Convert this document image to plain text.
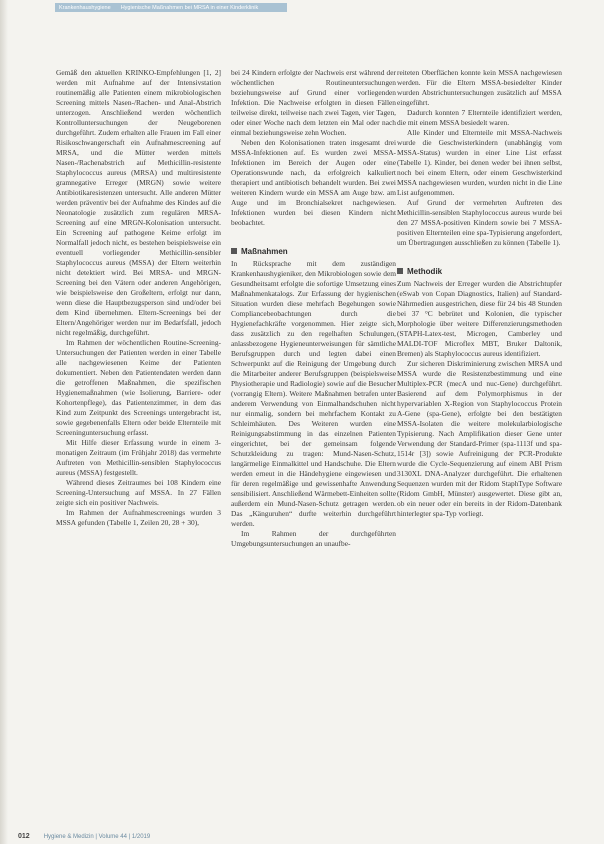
Krankenhaushygiene	Hygienische Maßnahmen bei MRSA in einer Kinderklinik

Gemäß den aktuellen KRINKO-Empfehlungen [1, 2] werden mit Aufnahme auf der Intensivstation routinemäßig alle Patienten einem mikrobiologischen Screening mittels Nasen-/Rachen- und Anal-Abstrich unterzogen. Anschließend werden wöchentlich Kontrolluntersuchungen der Neugeborenen durchgeführt. Zudem erhalten alle Frauen im Fall einer Risikoschwangerschaft ein Aufnahmescreening auf MRSA, und die Mütter werden mittels Nasen-/Rachenabstrich auf Methicillin-resistente Staphylococcus aureus (MRSA) und multiresistente gramnegative Erreger (MRGN) sowie weitere Antibiotikaresistenzen untersucht. Alle anderen Mütter werden präventiv bei der Aufnahme des Kindes auf die Neonatologie zusätzlich zum regulären MRSA-Screening auf eine MRGN-Kolonisation untersucht. Ein Screening auf pathogene Keime erfolgt im Normalfall jedoch nicht, es bestehen beispielsweise ein eventuell vorliegender Methicillin-sensibler Staphylococcus aureus (MSSA) der Eltern weiterhin nicht detektiert wird. Bei MRSA- und MRGN-Screening bei den Vätern oder anderen Angehörigen, wie beispielsweise den Großeltern, erfolgt nur dann, wenn diese die Hauptbezugsperson sind und/oder bei dem Kind übernehmen. Eltern-Screenings bei der Eltern/Angehöriger werden nur im Bedarfsfall, jedoch nicht regelmäßig, durchgeführt.

Im Rahmen der wöchentlichen Routine-Screening-Untersuchungen der Patienten werden in einer Tabelle alle nachgewiesenen Keime der Patienten dokumentiert. Neben den Patientendaten werden dann die getroffenen Maßnahmen, die spezifischen Hygienemaßnahmen (wie Isolierung, Barriere- oder Kohortenpflege), das Patientenzimmer, in dem das Kind zum Zeitpunkt des Screenings untergebracht ist, sowie gegebenenfalls Eltern oder beide Elternteile mit Screeninguntersuchung erfasst.

Mit Hilfe dieser Erfassung wurde in einem 3-monatigen Zeitraum (im Frühjahr 2018) das vermehrte Auftreten von Methicillin-sensiblen Staphylococcus aureus (MSSA) festgestellt.

Während dieses Zeitraumes bei 108 Kindern eine Screening-Untersuchung auf MSSA. In 27 Fällen zeigte sich ein positiver Nachweis.

Im Rahmen der Aufnahmescreenings wurden 3 MSSA gefunden (Tabelle 1, Zeilen 20, 28 + 30),

bei 24 Kindern erfolgte der Nachweis erst während der wöchentlichen Routineuntersuchungen beziehungsweise auf Grund einer vorliegenden Infektion. Die Nachweise erfolgten in diesen Fällen teilweise direkt, teilweise nach zwei Tagen, vier Tagen, oder einer Woche nach dem letzten ein Mal oder nach einmal beziehungsweise zehn Wochen.

Neben den Kolonisationen traten insgesamt drei MSSA-Infektionen auf. Es wurden zwei MSSA-Infektionen im Bereich der Augen oder eine Operationswunde nach, da erfolgreich kalkuliert therapiert und antibiotisch behandelt wurden. Bei zwei weiteren Kindern wurde ein MSSA am Auge bzw. am Auge und im Bronchialsekret nachgewiesen. Infektionen wurden bei diesen Kindern nicht beobachtet.

Maßnahmen

In Rücksprache mit dem zuständigen Krankenhaushygieniker, den Mikrobiologen sowie dem Gesundheitsamt erfolgte die sofortige Umsetzung eines Maßnahmenkatalogs. Zur Erfassung der hygienischen Situation wurden diese mehrfach Begehungen sowie Compliancebeobachtungen durch die Hygienefachkräfte vorgenommen. Hier zeigte sich, dass zusätzlich zu den regelhaften Schulungen, anlassbezogene Hygieneunterweisungen für sämtliche Berufsgruppen durch und legten dabei einen Schwerpunkt auf die Reinigung der Umgebung durch die Mitarbeiter anderer Berufsgruppen (beispielsweise Physiotherapie und Radiologie) sowie auf die Besucher (vorrangig Eltern). Weitere Maßnahmen betrafen unter anderem Verwendung von Einmalhandschuhen nicht nur einmalig, sondern bei mehrfachem Kontakt zu Schleimhäuten. Des Weiteren wurden eine Reinigungsabstimmung in das einzelnen Patienten eingerichtet, bei der gemeinsam folgende Schutzkleidung zu tragen: Mund-Nasen-Schutz, langärmelige Einmalkittel und Handschuhe. Die Eltern werden erneut in die Händehygiene eingewiesen und für deren regelmäßige und gewissenhafte Anwendung sensibilisiert. Anschließend Wärmebett-Einheiten sollte außerdem ein Mund-Nasen-Schutz getragen werden. Das „Känguruhen“ durfte weiterhin durchgeführt werden.

Im Rahmen der durchgeführten Umgebungsuntersuchungen an unaufbe-

reiteten Oberflächen konnte kein MSSA nachgewiesen werden. Für die Eltern MSSA-besiedelter Kinder wurden Abstrichuntersuchungen zusätzlich auf MSSA eingeführt.

Dadurch konnten 7 Elternteile identifiziert werden, die mit einem MSSA besiedelt waren.

Alle Kinder und Elternteile mit MSSA-Nachweis wurde die Geschwisterkindern (unabhängig vom MSSA-Status) wurden in einer Line List erfasst (Tabelle 1). Kinder, bei denen weder bei ihnen selbst, noch bei einem Eltern, oder einem Geschwisterkind MSSA nachgewiesen wurden, wurden nicht in die Line List aufgenommen.

Auf Grund der vermehrten Auftreten des Methicillin-sensiblen Staphylococcus aureus wurde bei den 27 MSSA-positiven Kindern sowie bei 7 MSSA-positiven Elternteilen eine spa-Typisierung angefordert, um Übertragungen ausschließen zu können (Tabelle 1).

Methodik

Zum Nachweis der Erreger wurden die Abstrichtupfer (eSwab von Copan Diagnostics, Italien) auf Standard-Nährmedien ausgestrichen, diese für 24 bis 48 Stunden bei 37 °C bebrütet und Kolonien, die typischer Morphologie über weitere Differenzierungsmethoden (STAPH-Latex-test, Microgen, Camberley und MALDI-TOF Microflex MBT, Bruker Daltonik, Bremen) als Staphylococcus aureus identifiziert.

Zur sicheren Diskriminierung zwischen MRSA und MSSA wurde die Resistenzbestimmung und eine Multiplex-PCR (mecA und nuc-Gene) durchgeführt. Basierend auf dem Polymorphismus in der hypervariablen X-Region von Staphylococcus Protein A-Gene (spa-Gene), erfolgte bei den bestätigten MSSA-Isolaten die weitere molekularbiologische Typisierung. Nach Amplifikation dieser Gene unter Verwendung der Standard-Primer (spa-1113f und spa-1514r [3]) sowie Aufreinigung der PCR-Produkte wurde die Cycle-Sequenzierung auf einem ABI Prism 3130XL DNA-Analyzer durchgeführt. Die erhaltenen Sequenzen wurden mit der Ridom StaphType Software (Ridom GmbH, Münster) ausgewertet. Diese gibt an, ob ein neuer oder ein bereits in der Ridom-Datenbank hinterlegter spa-Typ vorliegt.

012 Hygiene & Medizin | Volume 44 | 1/2019
